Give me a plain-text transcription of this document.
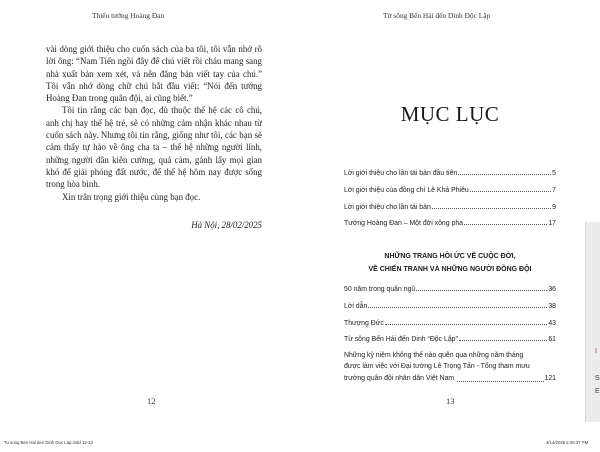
Thiếu tướng Hoàng Đan

vài dòng giới thiệu cho cuốn sách của ba tôi, tôi vẫn nhớ rõ lời ông: “Nam Tiến ngồi đây để chú viết rồi cháu mang sang nhà xuất bản xem xét, và nên đăng bản viết tay của chú.” Tôi vẫn nhớ dòng chữ chú bắt đầu viết: “Nói đến tướng Hoàng Đan trong quân đội, ai cũng biết.”

Tôi tin rằng các bạn đọc, dù thuộc thế hệ các cô chú, anh chị hay thế hệ trẻ, sẽ có những cảm nhận khác nhau từ cuốn sách này. Nhưng tôi tin rằng, giống như tôi, các bạn sẽ cảm thấy tự hào về ông cha ta – thế hệ những người lính, những người dân kiên cường, quả cảm, gánh lấy mọi gian khó để giải phóng đất nước, để thế hệ hôm nay được sống trong hòa bình.

Xin trân trọng giới thiệu cùng bạn đọc.

Hà Nội, 28/02/2025
12
Từ sông Bến Hải đến Dinh Độc Lập
MỤC LỤC
Lời giới thiệu cho lần tái bản đầu tiên	5
Lời giới thiệu của đồng chí Lê Khả Phiêu	7
Lời giới thiệu cho lần tái bản	9
Tướng Hoàng Đan – Một đời xông pha	17
NHỮNG TRANG HỒI ỨC VỀ CUỘC ĐỜI,
VỀ CHIẾN TRANH VÀ NHỮNG NGƯỜI ĐỒNG ĐỘI
50 năm trong quân ngũ	36
Lời dẫn	38
Thượng Đức	43
Từ sông Bến Hải đến Dinh “Độc Lập”	61
Những kỷ niệm không thể nào quên qua những năm tháng
được làm việc với Đại tướng Lê Trọng Tấn - Tổng tham mưu
trưởng quân đội nhân dân Việt Nam	121
13
I
S
E
Tu song Ben Hai den Dinh Doc Lap.indd 12-13	3/14/2025 2:26:37 PM
